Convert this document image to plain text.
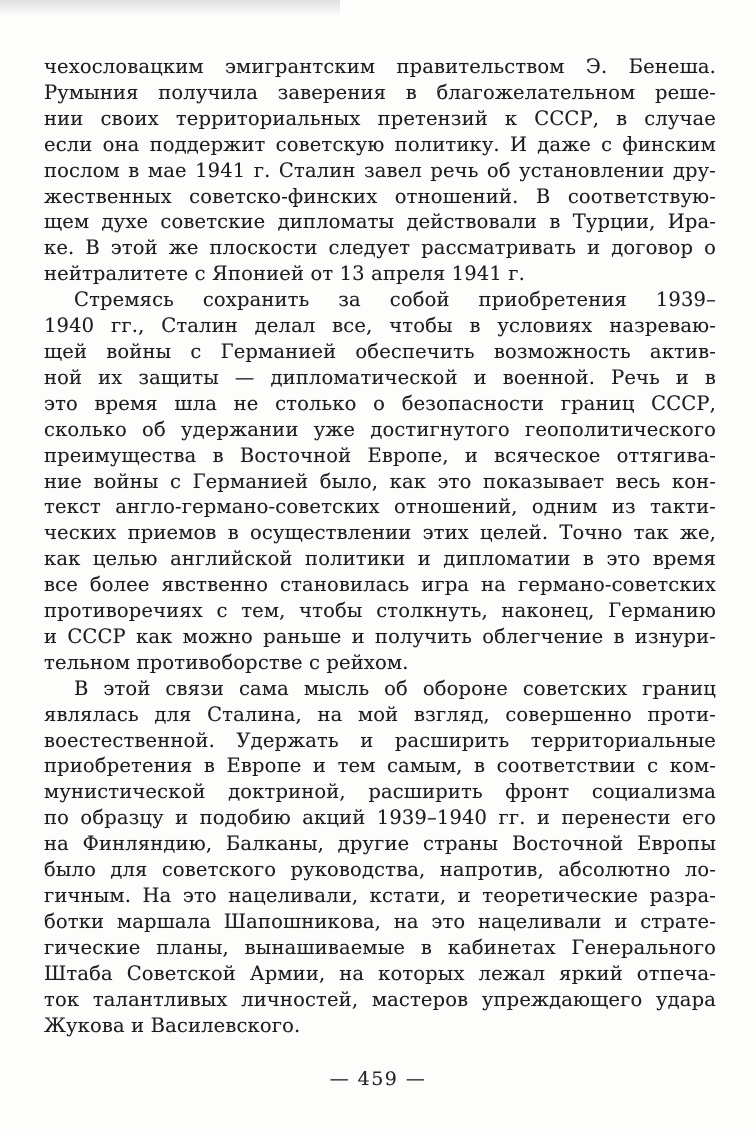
чехословацким эмигрантским правительством Э. Бенеша.
Румыния получила заверения в благожелательном реше-
нии своих территориальных претензий к СССР, в случае
если она поддержит советскую политику. И даже с финским
послом в мае 1941 г. Сталин завел речь об установлении дру-
жественных советско-финских отношений. В соответствую-
щем духе советские дипломаты действовали в Турции, Ира-
ке. В этой же плоскости следует рассматривать и договор о
нейтралитете с Японией от 13 апреля 1941 г.
Стремясь сохранить за собой приобретения 1939–
1940 гг., Сталин делал все, чтобы в условиях назреваю-
щей войны с Германией обеспечить возможность актив-
ной их защиты — дипломатической и военной. Речь и в
это время шла не столько о безопасности границ СССР,
сколько об удержании уже достигнутого геополитического
преимущества в Восточной Европе, и всяческое оттягива-
ние войны с Германией было, как это показывает весь кон-
текст англо-германо-советских отношений, одним из такти-
ческих приемов в осуществлении этих целей. Точно так же,
как целью английской политики и дипломатии в это время
все более явственно становилась игра на германо-советских
противоречиях с тем, чтобы столкнуть, наконец, Германию
и СССР как можно раньше и получить облегчение в изнури-
тельном противоборстве с рейхом.
В этой связи сама мысль об обороне советских границ
являлась для Сталина, на мой взгляд, совершенно проти-
воестественной. Удержать и расширить территориальные
приобретения в Европе и тем самым, в соответствии с ком-
мунистической доктриной, расширить фронт социализма
по образцу и подобию акций 1939–1940 гг. и перенести его
на Финляндию, Балканы, другие страны Восточной Европы
было для советского руководства, напротив, абсолютно ло-
гичным. На это нацеливали, кстати, и теоретические разра-
ботки маршала Шапошникова, на это нацеливали и страте-
гические планы, вынашиваемые в кабинетах Генерального
Штаба Советской Армии, на которых лежал яркий отпеча-
ток талантливых личностей, мастеров упреждающего удара
Жукова и Василевского.
— 459 —
